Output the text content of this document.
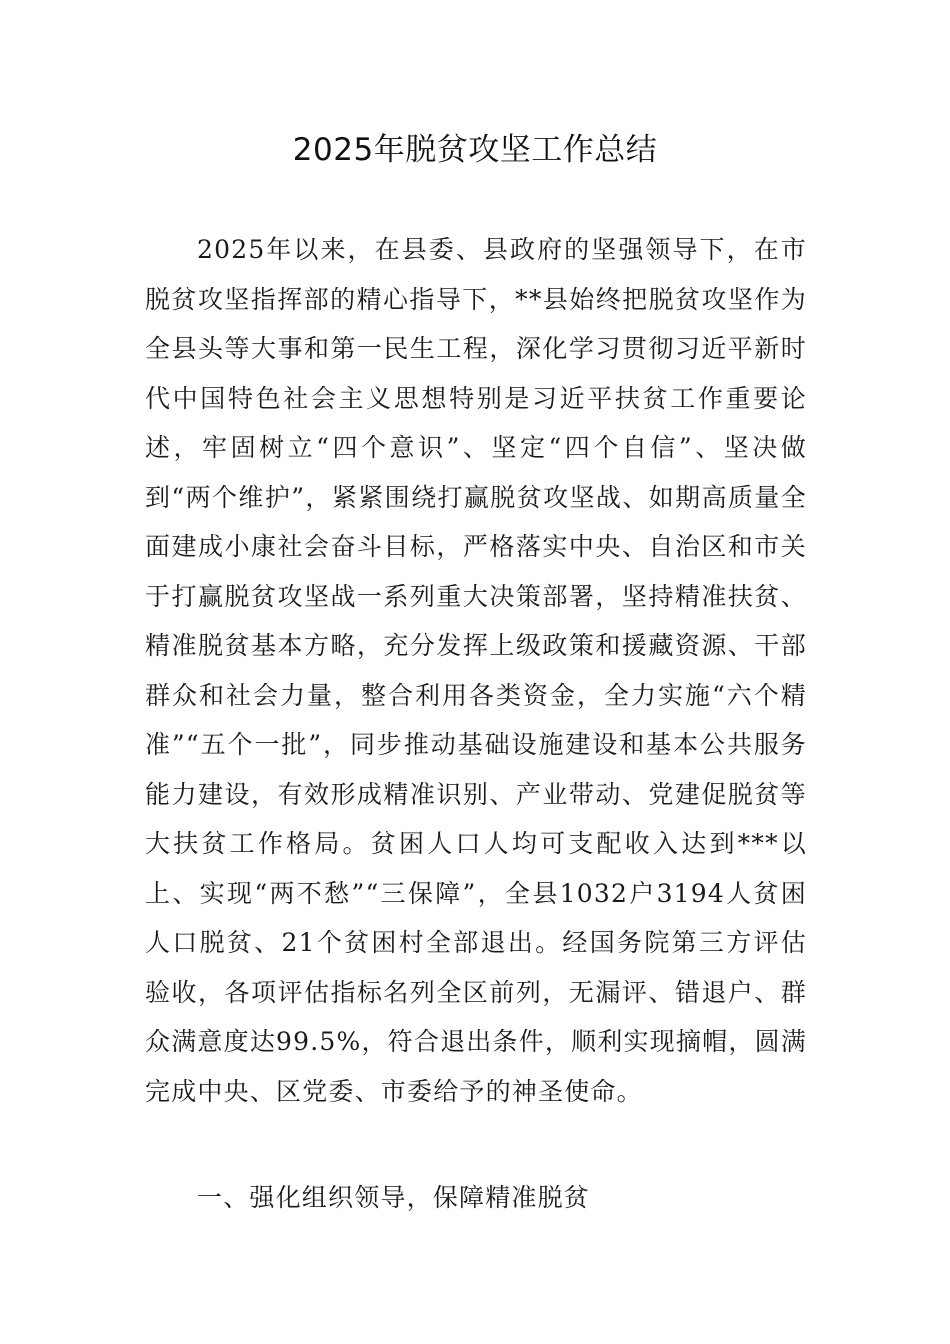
2025年脱贫攻坚工作总结

2025年以来，在县委、县政府的坚强领导下，在市脱贫攻坚指挥部的精心指导下，**县始终把脱贫攻坚作为全县头等大事和第一民生工程，深化学习贯彻习近平新时代中国特色社会主义思想特别是习近平扶贫工作重要论述，牢固树立“四个意识”、坚定“四个自信”、坚决做到“两个维护”，紧紧围绕打赢脱贫攻坚战、如期高质量全面建成小康社会奋斗目标，严格落实中央、自治区和市关于打赢脱贫攻坚战一系列重大决策部署，坚持精准扶贫、精准脱贫基本方略，充分发挥上级政策和援藏资源、干部群众和社会力量，整合利用各类资金，全力实施“六个精准”“五个一批”，同步推动基础设施建设和基本公共服务能力建设，有效形成精准识别、产业带动、党建促脱贫等大扶贫工作格局。贫困人口人均可支配收入达到***以上、实现“两不愁”“三保障”，全县1032户3194人贫困人口脱贫、21个贫困村全部退出。经国务院第三方评估验收，各项评估指标名列全区前列，无漏评、错退户、群众满意度达99.5%，符合退出条件，顺利实现摘帽，圆满完成中央、区党委、市委给予的神圣使命。

一、强化组织领导，保障精准脱贫
